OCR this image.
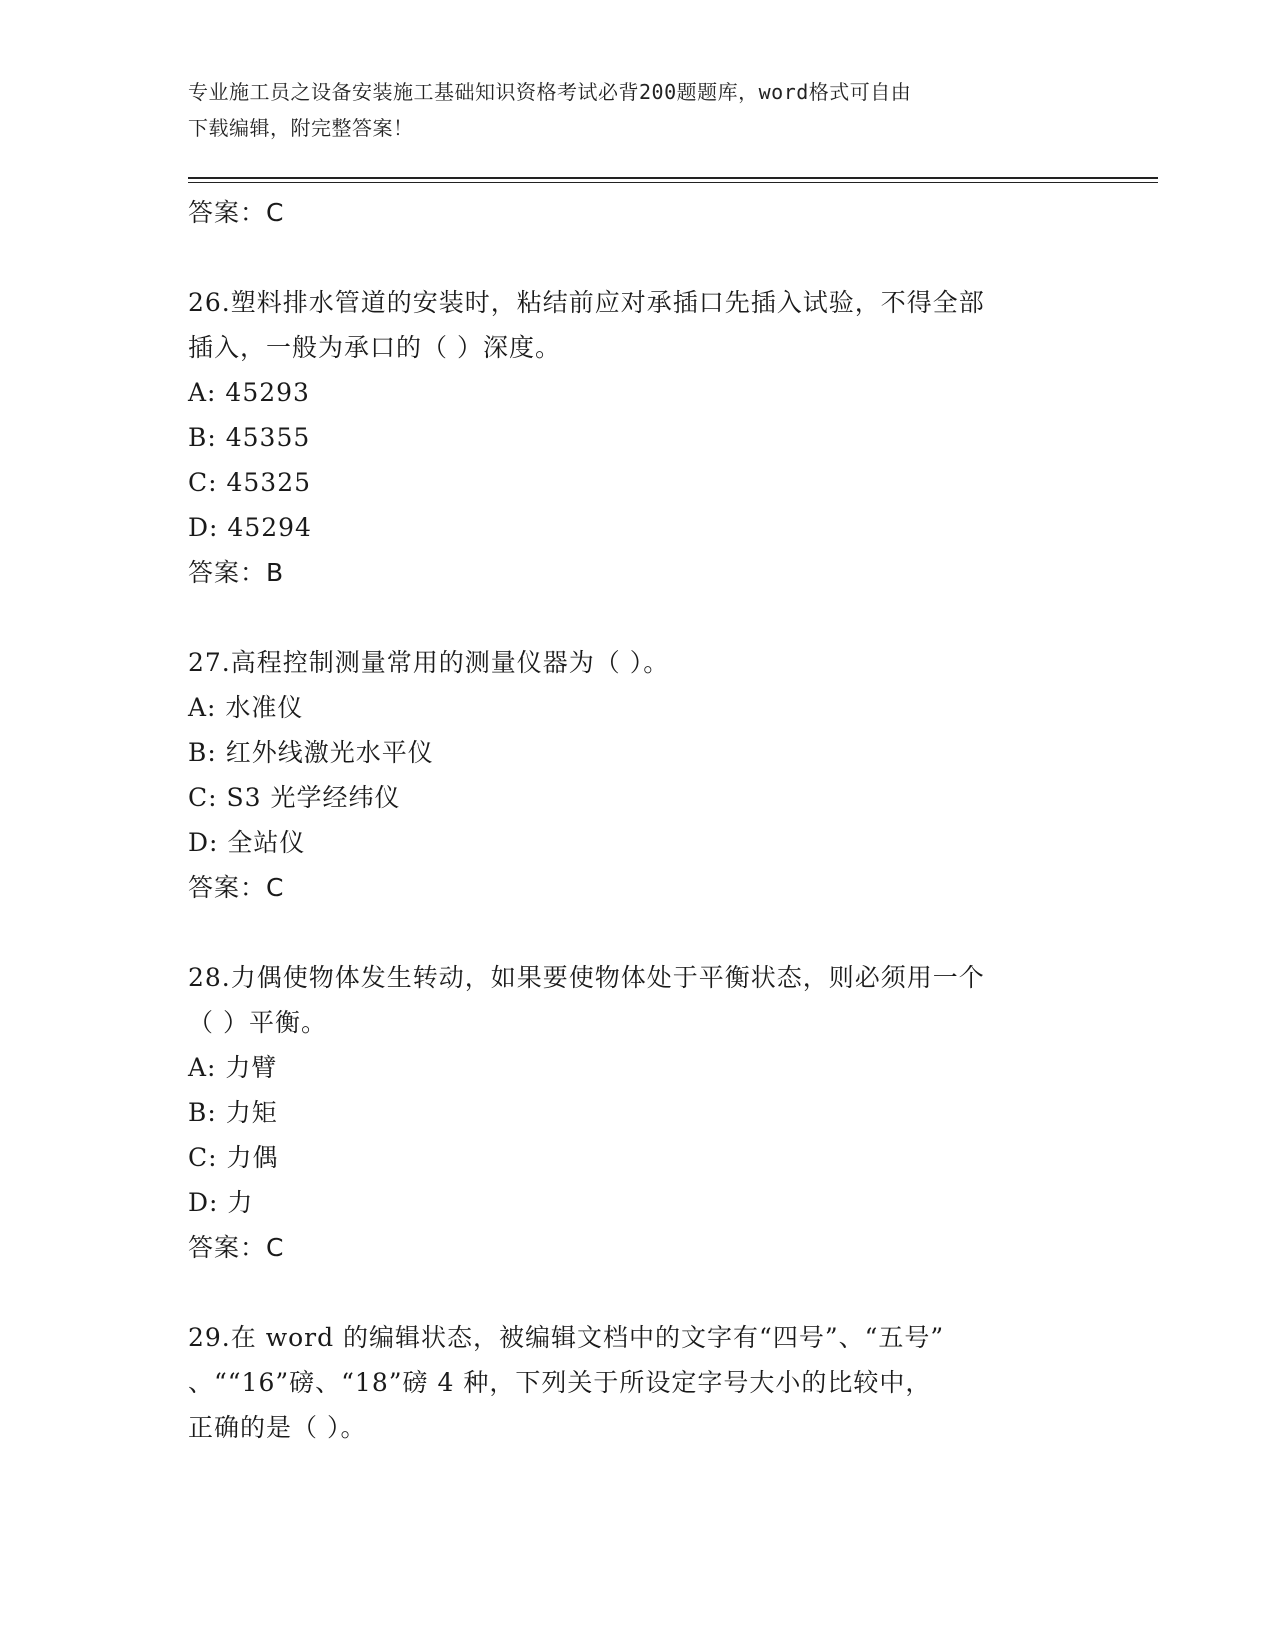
专业施工员之设备安装施工基础知识资格考试必背200题题库，word格式可自由
下载编辑，附完整答案！
答案：C
26.塑料排水管道的安装时，粘结前应对承插口先插入试验，不得全部
插入，一般为承口的（ ）深度。
A: 45293
B: 45355
C: 45325
D: 45294
答案：B
27.高程控制测量常用的测量仪器为（ ）。
A: 水准仪
B: 红外线激光水平仪
C: S3 光学经纬仪
D: 全站仪
答案：C
28.力偶使物体发生转动，如果要使物体处于平衡状态，则必须用一个
（ ）平衡。
A: 力臂
B: 力矩
C: 力偶
D: 力
答案：C
29.在 word 的编辑状态，被编辑文档中的文字有“四号”、“五号”
、““16”磅、“18”磅 4 种，下列关于所设定字号大小的比较中，
正确的是（ ）。
